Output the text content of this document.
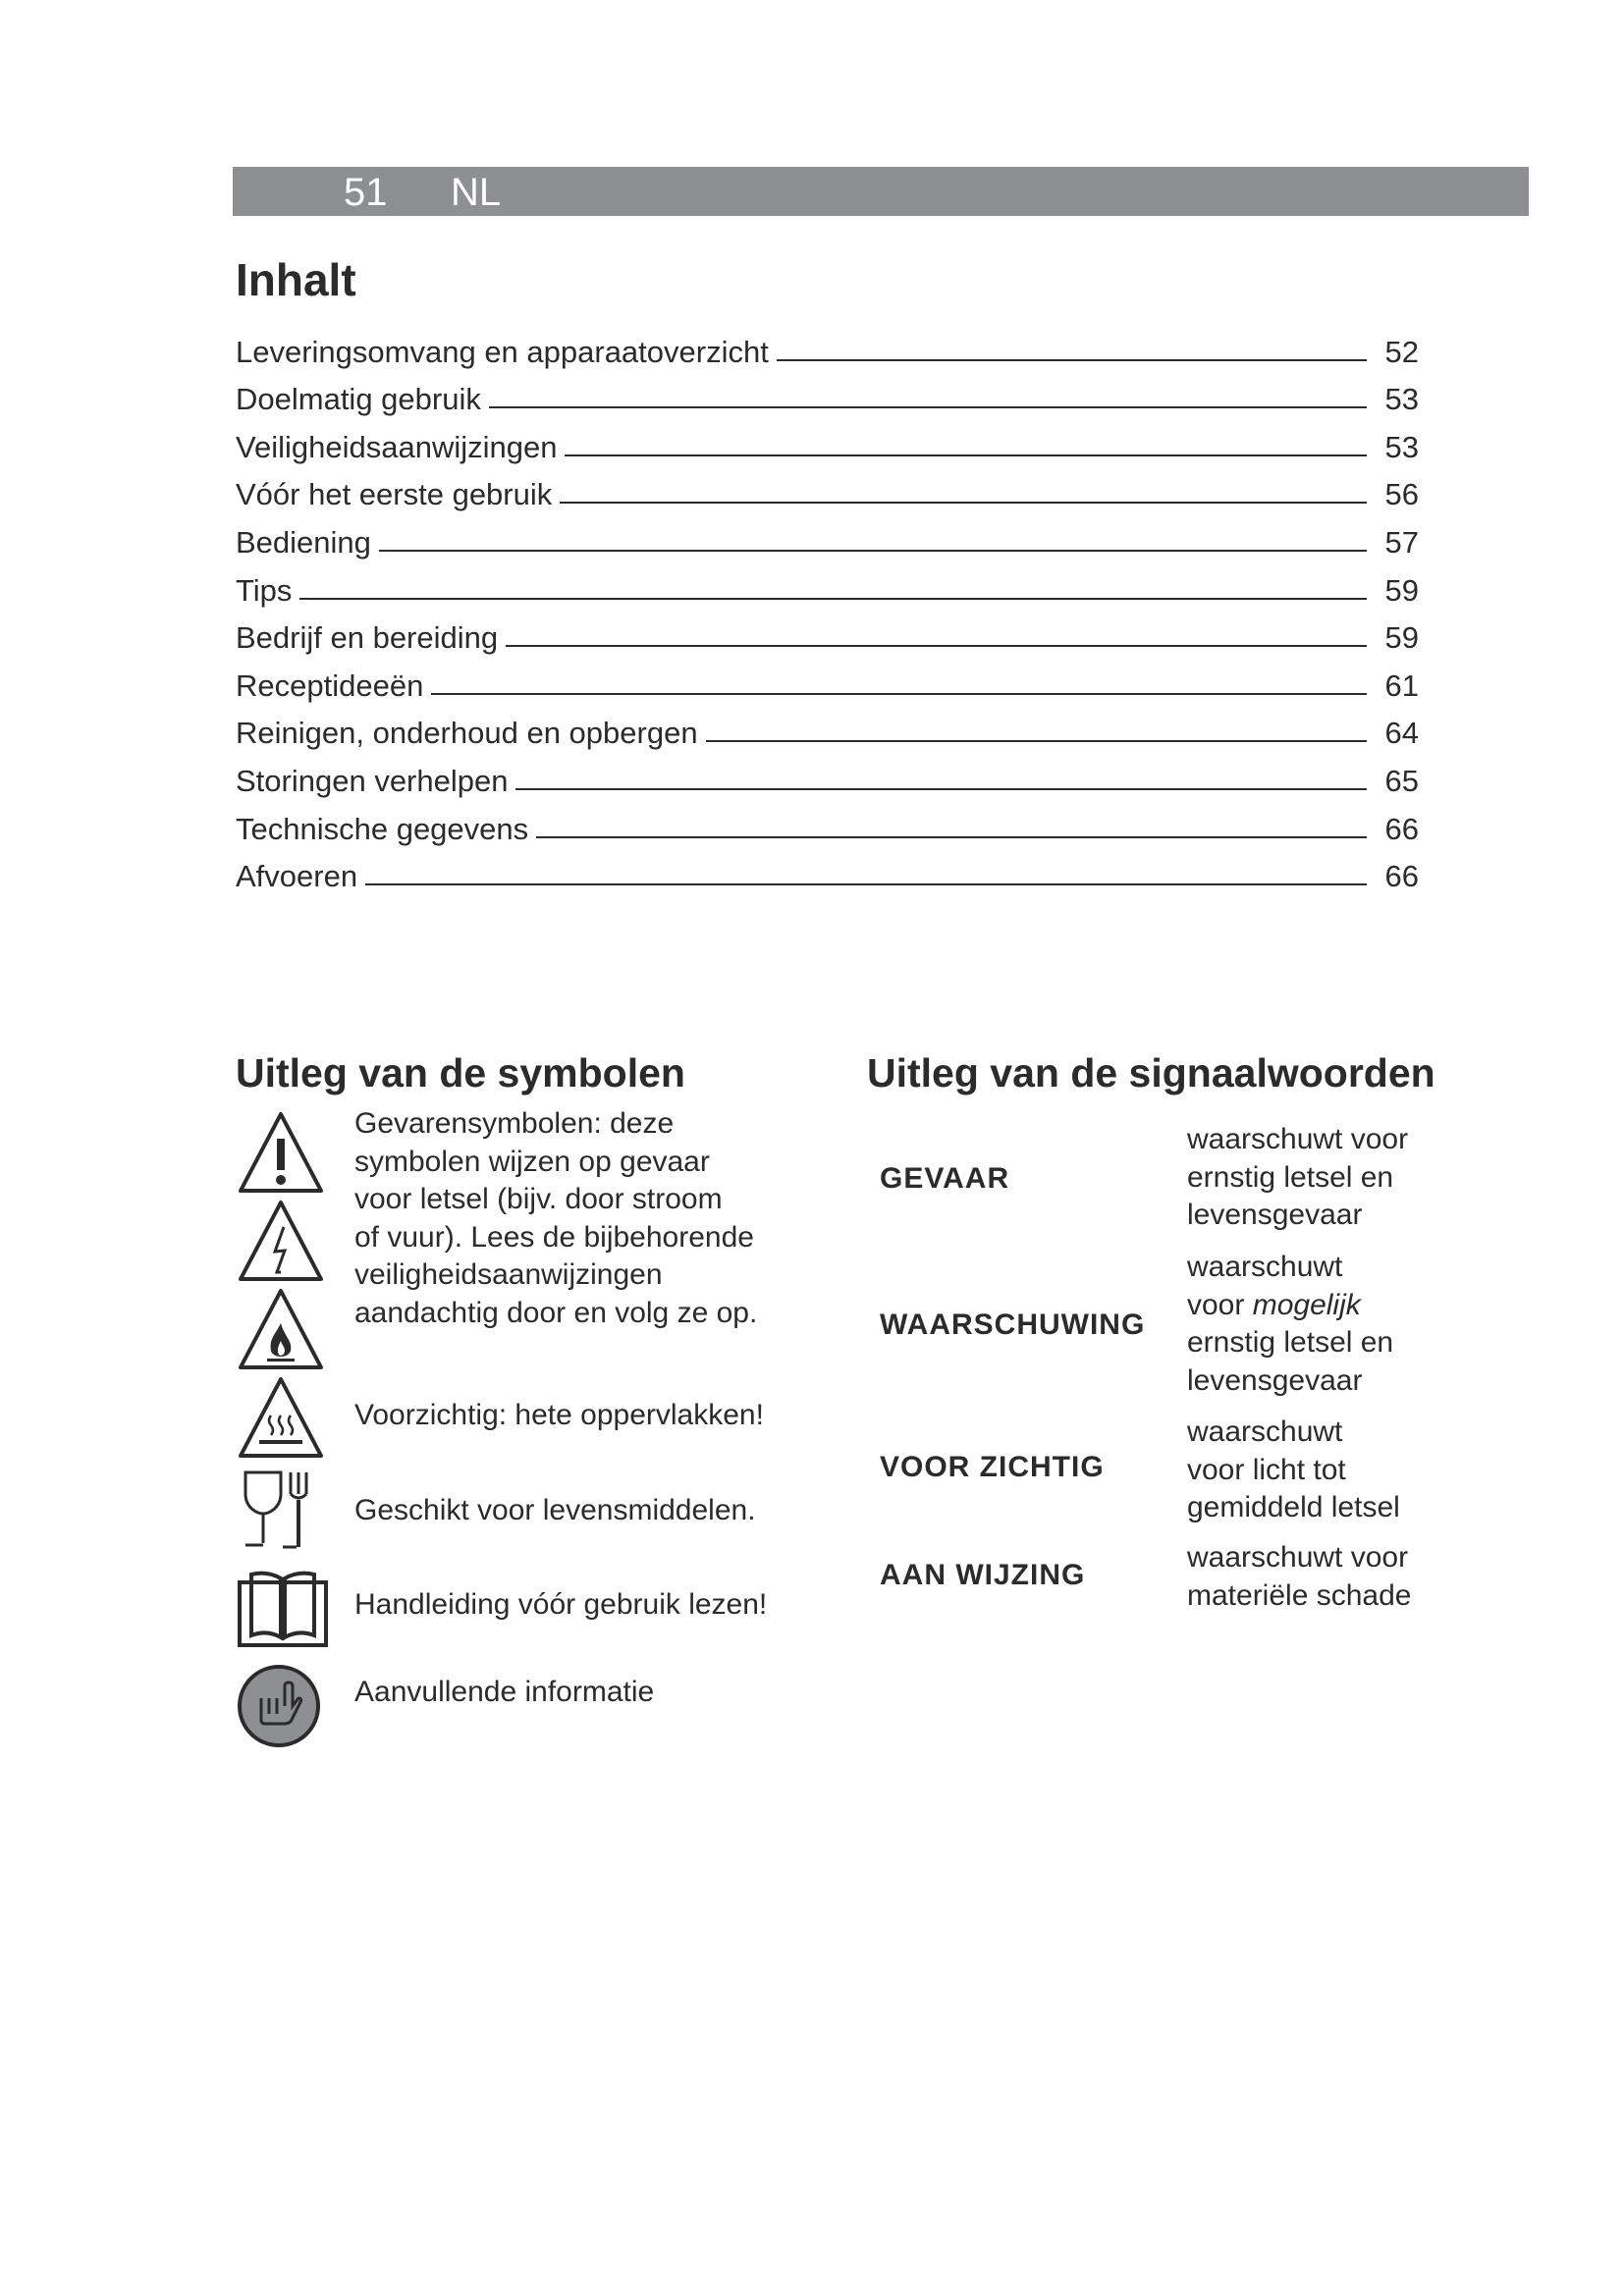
51 NL
Inhalt
Leveringsomvang en apparaatoverzicht	52
Doelmatig gebruik	53
Veiligheidsaanwijzingen	53
Vóór het eerste gebruik	56
Bediening	57
Tips	59
Bedrijf en bereiding	59
Receptideeën	61
Reinigen, onderhoud en opbergen	64
Storingen verhelpen	65
Technische gegevens	66
Afvoeren	66
Uitleg van de symbolen
Gevarensymbolen: deze
symbolen wijzen op gevaar
voor letsel (bijv. door stroom
of vuur). Lees de bijbehorende
veiligheidsaanwijzingen
aandachtig door en volg ze op.
Voorzichtig: hete oppervlakken!
Geschikt voor levensmiddelen.
Handleiding vóór gebruik lezen!
Aanvullende informatie
Uitleg van de signaalwoorden
GEVAAR
waarschuwt voor
ernstig letsel en
levensgevaar
WAARSCHUWING
waarschuwt
voor mogelijk
ernstig letsel en
levensgevaar
VOOR ZICHTIG
waarschuwt
voor licht tot
gemiddeld letsel
AAN WIJZING
waarschuwt voor
materiële schade
